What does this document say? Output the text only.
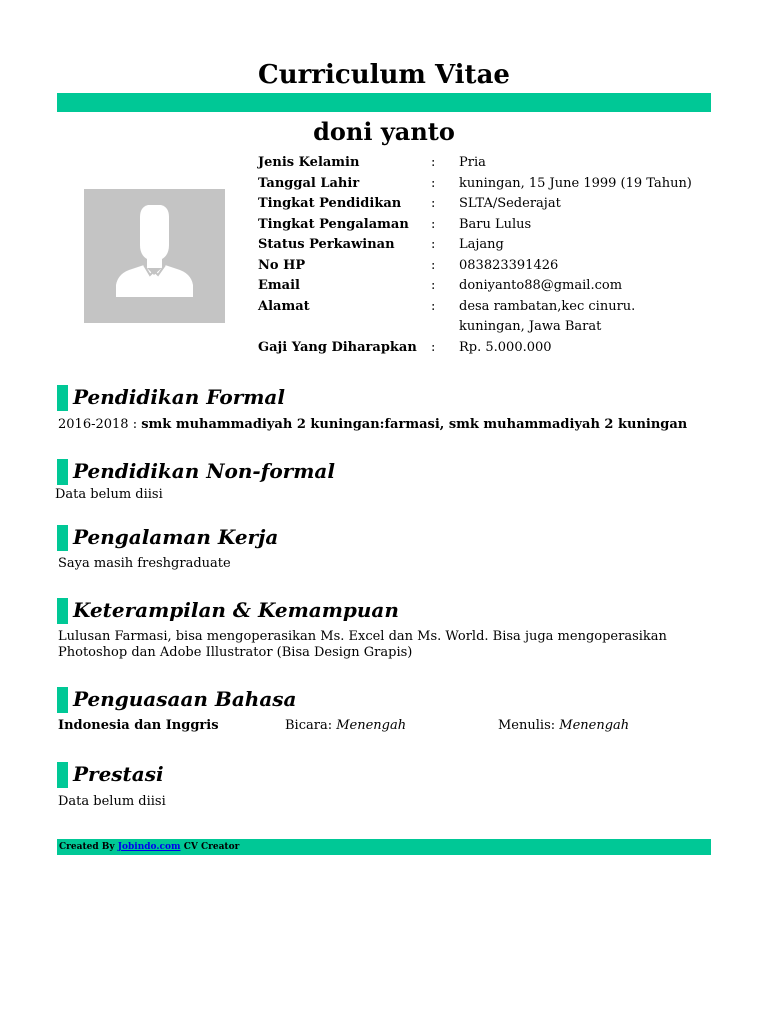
Curriculum Vitae
doni yanto
Jenis Kelamin	: Pria
Tanggal Lahir	: kuningan, 15 June 1999 (19 Tahun)
Tingkat Pendidikan : SLTA/Sederajat
Tingkat Pengalaman : Baru Lulus
Status Perkawinan	: Lajang
No HP	: 083823391426
Email	: doniyanto88@gmail.com
Alamat	: desa rambatan,kec cinuru. kuningan, Jawa Barat
Gaji Yang Diharapkan : Rp. 5.000.000
Pendidikan Formal
2016-2018 : smk muhammadiyah 2 kuningan:farmasi, smk muhammadiyah 2 kuningan
Pendidikan Non-formal
Data belum diisi
Pengalaman Kerja
Saya masih freshgraduate
Keterampilan & Kemampuan
Lulusan Farmasi, bisa mengoperasikan Ms. Excel dan Ms. World. Bisa juga mengoperasikan Photoshop dan Adobe Illustrator (Bisa Design Grapis)
Penguasaan Bahasa
Indonesia dan Inggris	Bicara: Menengah	Menulis: Menengah
Prestasi
Data belum diisi
Created By Jobindo.com CV Creator
